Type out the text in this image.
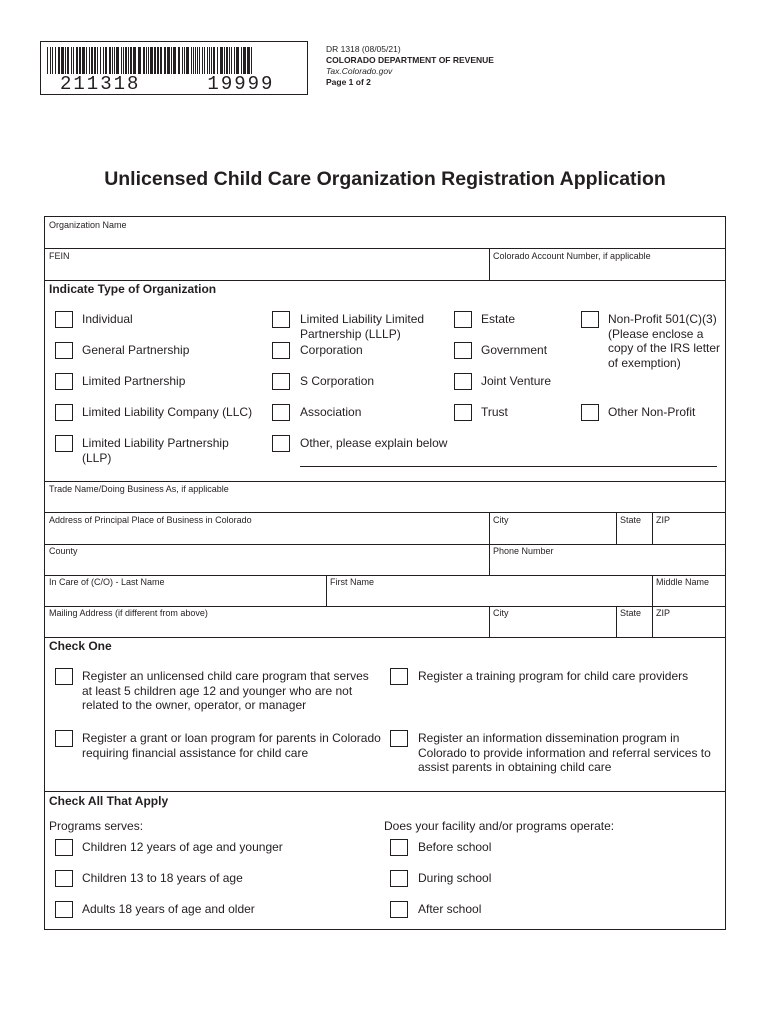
211318     19999
DR 1318 (08/05/21)
COLORADO DEPARTMENT OF REVENUE
Tax.Colorado.gov
Page 1 of 2
Unlicensed Child Care Organization Registration Application
Organization Name
FEIN	Colorado Account Number, if applicable
Indicate Type of Organization
Individual
General Partnership
Limited Partnership
Limited Liability Company (LLC)
Limited Liability Partnership (LLP)
Limited Liability Limited Partnership (LLLP)
Corporation
S Corporation
Association
Other, please explain below
Estate
Government
Joint Venture
Trust
Non-Profit 501(C)(3) (Please enclose a copy of the IRS letter of exemption)
Other Non-Profit
Trade Name/Doing Business As, if applicable
Address of Principal Place of Business in Colorado	City	State ZIP
County	Phone Number
In Care of (C/O) - Last Name	First Name	Middle Name
Mailing Address (if different from above)	City	State ZIP
Check One
Register an unlicensed child care program that serves at least 5 children age 12 and younger who are not related to the owner, operator, or manager
Register a training program for child care providers
Register a grant or loan program for parents in Colorado requiring financial assistance for child care
Register an information dissemination program in Colorado to provide information and referral services to assist parents in obtaining child care
Check All That Apply
Programs serves:	Does your facility and/or programs operate:
Children 12 years of age and younger
Children 13 to 18 years of age
Adults 18 years of age and older
Before school
During school
After school
